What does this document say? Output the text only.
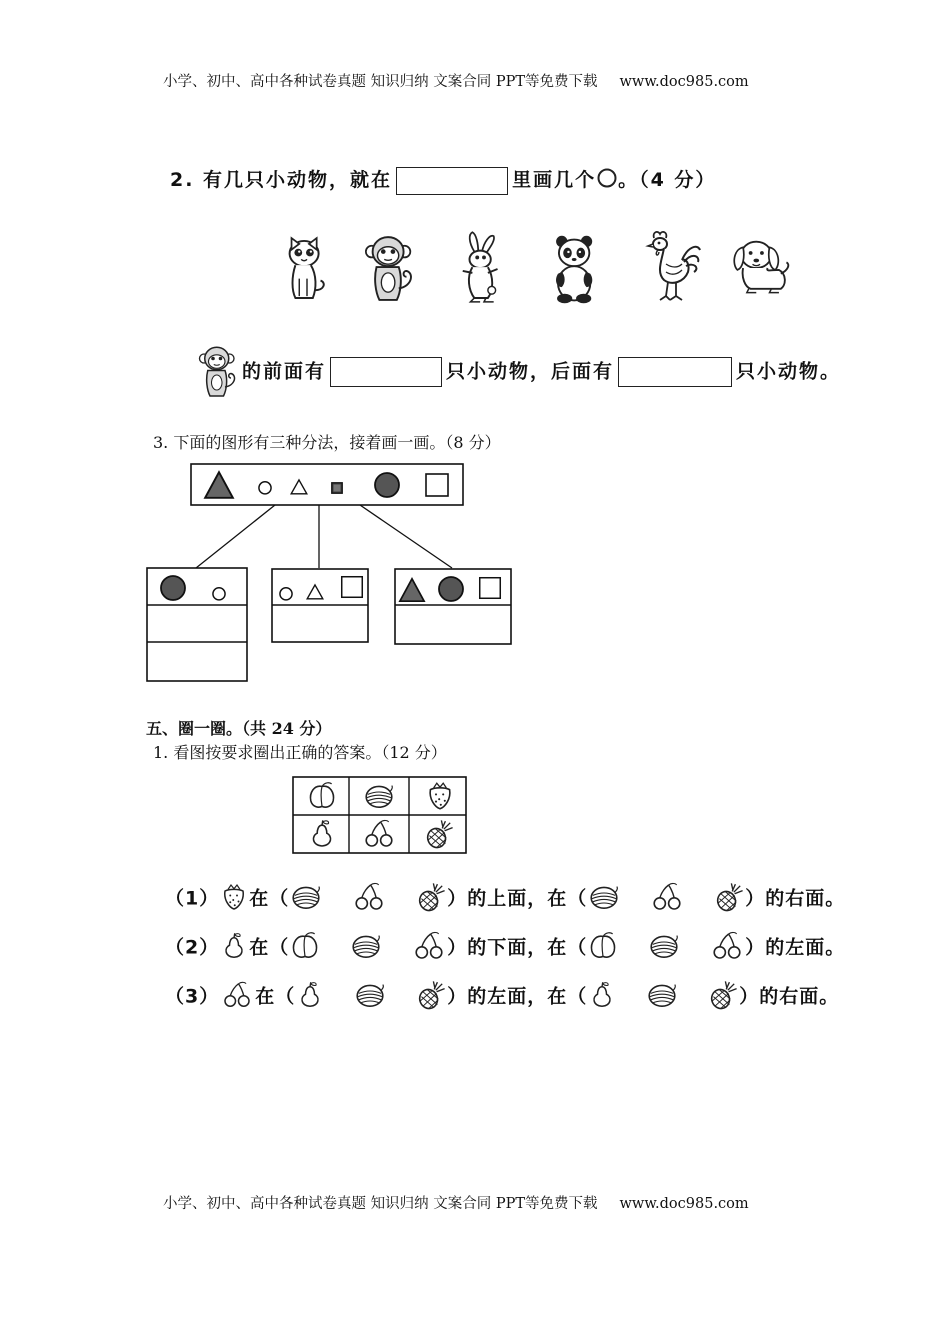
小学、初中、高中各种试卷真题 知识归纳 文案合同 PPT等免费下载 www.doc985.com
2. 有几只小动物，就在	里画几个 。（4 分）
的前面有	只小动物，后面有	只小动物。
3. 下面的图形有三种分法，接着画一画。（8 分）
五、圈一圈。（共 24 分）
1. 看图按要求圈出正确的答案。（12 分）
（1） 在（	）的上面，在（	）的右面。
（2） 在（	）的下面，在（	）的左面。
（3） 在（	）的左面，在（	）的右面。
小学、初中、高中各种试卷真题 知识归纳 文案合同 PPT等免费下载 www.doc985.com
